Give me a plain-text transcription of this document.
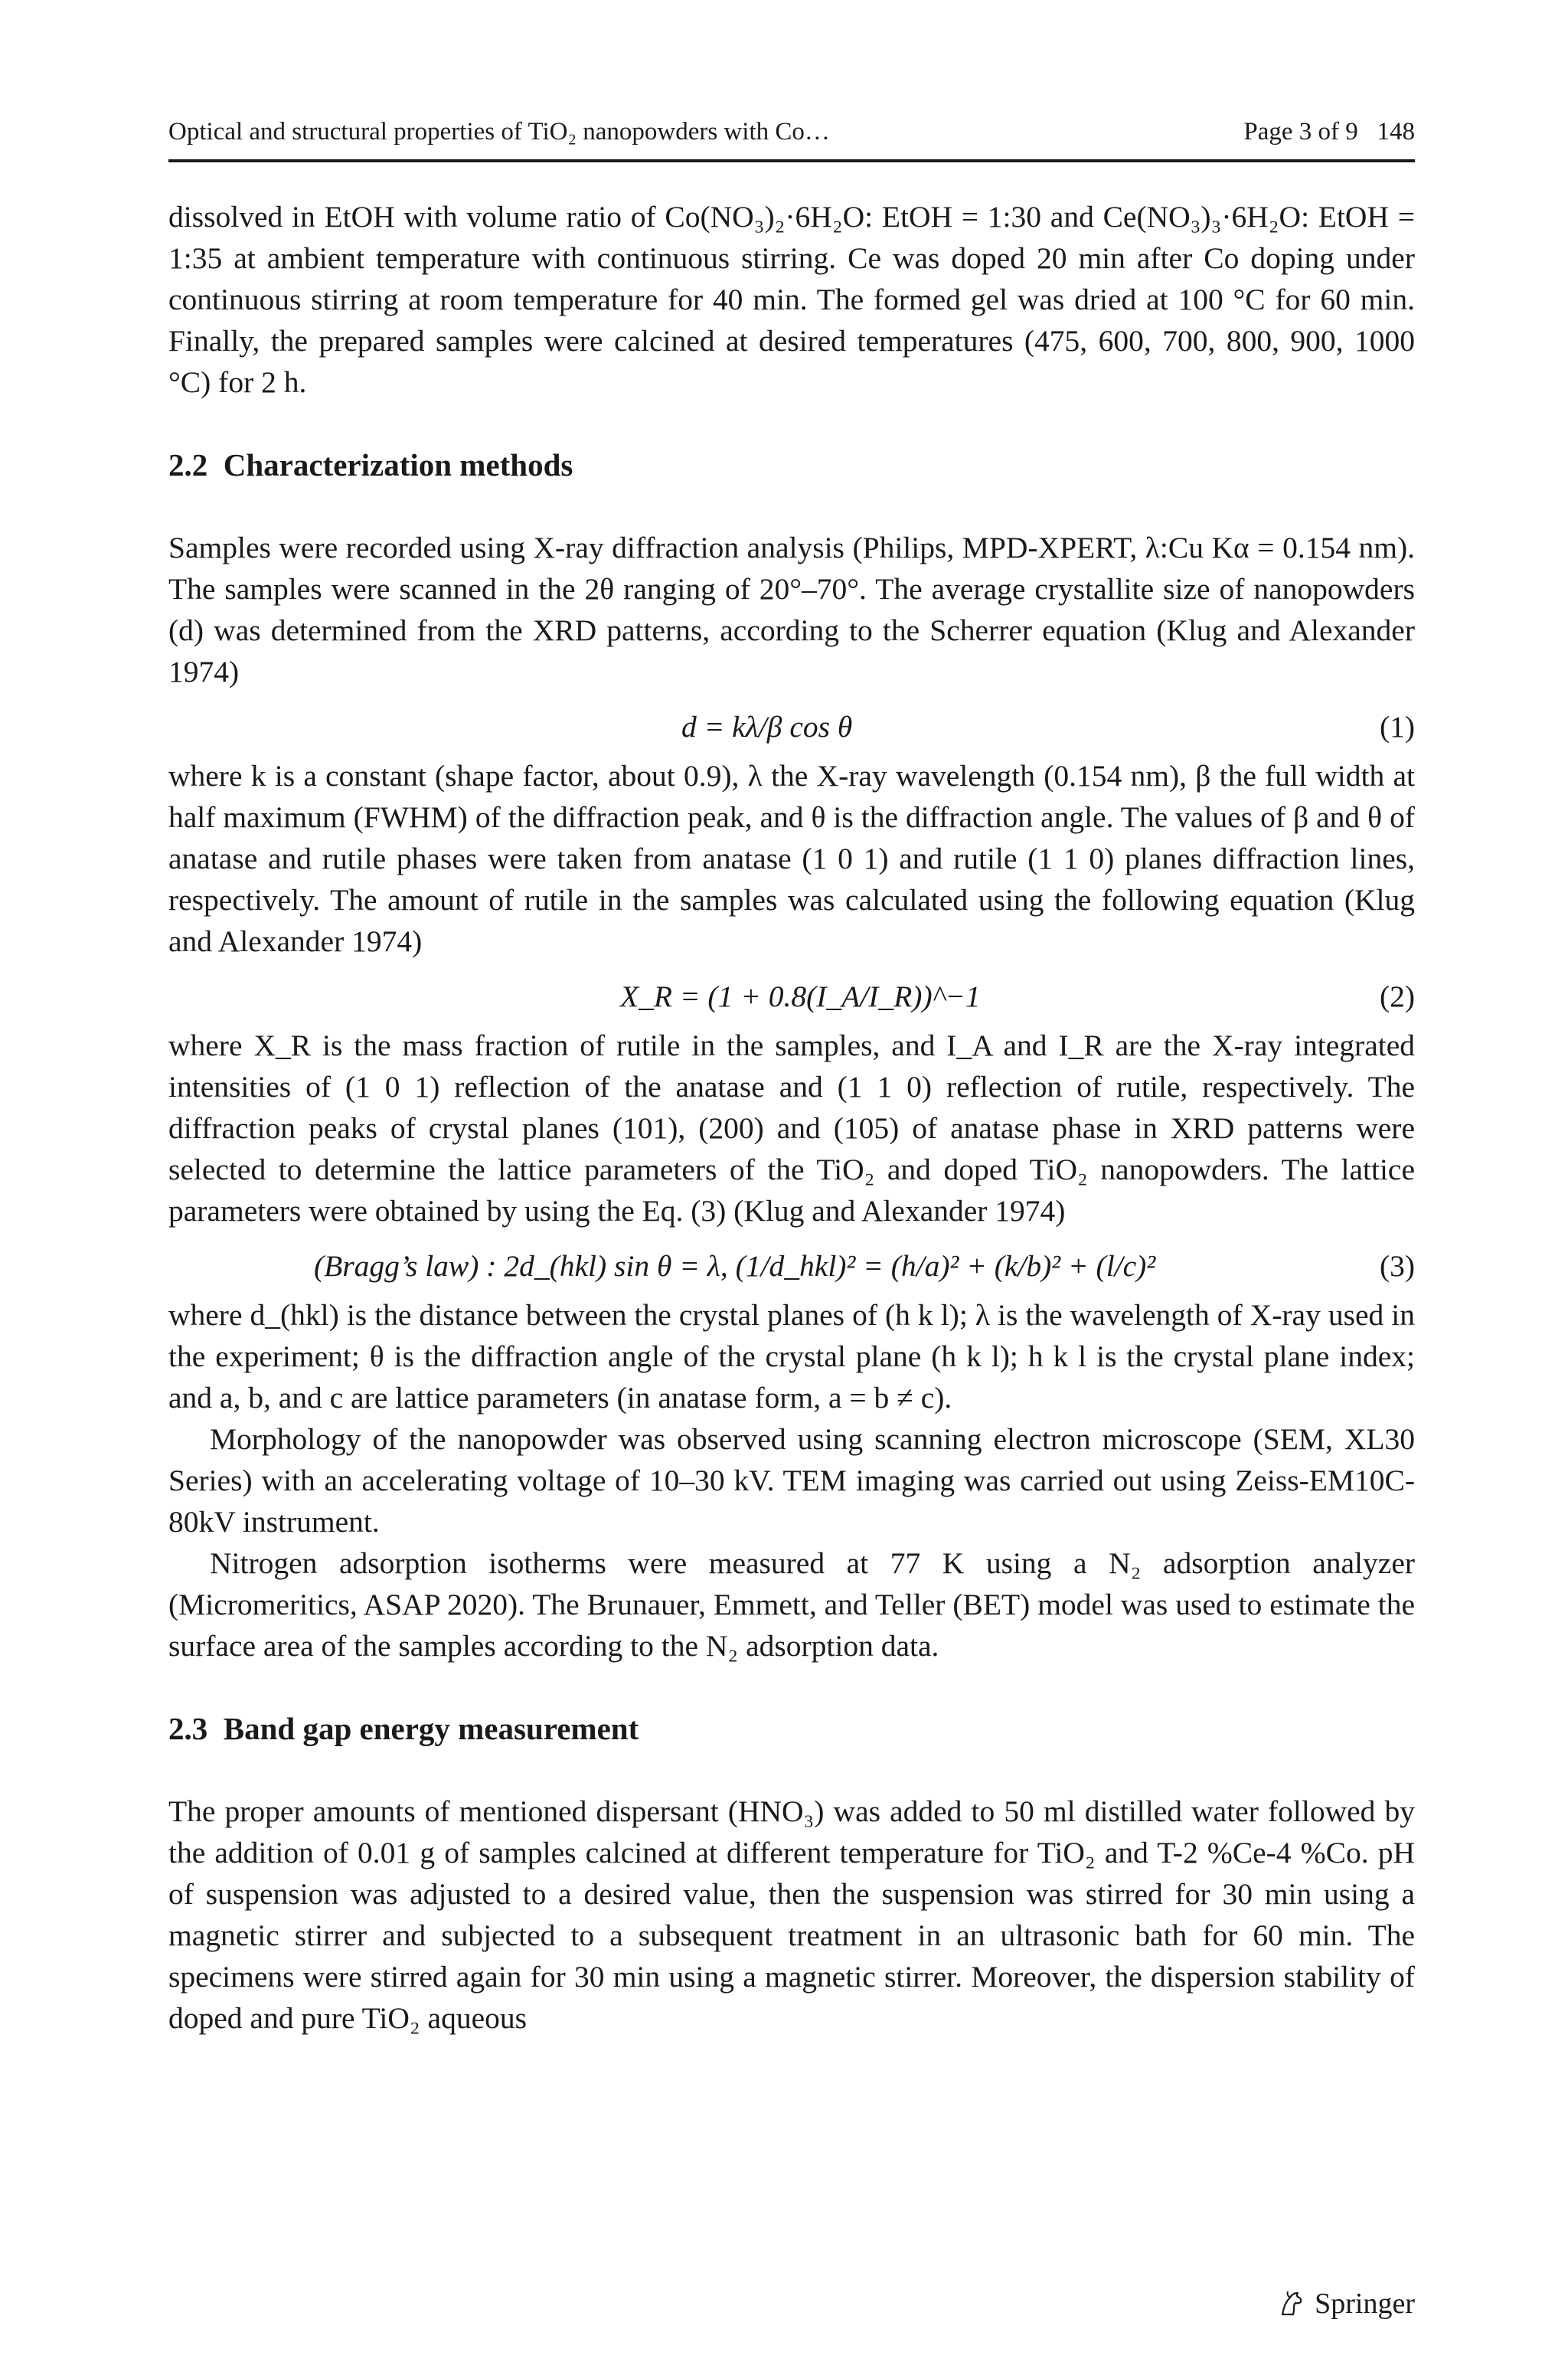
Optical and structural properties of TiO₂ nanopowders with Co…	Page 3 of 9   148

dissolved in EtOH with volume ratio of Co(NO₃)₂·6H₂O: EtOH = 1:30 and Ce(NO₃)₃·6H₂O: EtOH = 1:35 at ambient temperature with continuous stirring. Ce was doped 20 min after Co doping under continuous stirring at room temperature for 40 min. The formed gel was dried at 100 °C for 60 min. Finally, the prepared samples were calcined at desired temperatures (475, 600, 700, 800, 900, 1000 °C) for 2 h.

2.2  Characterization methods

Samples were recorded using X-ray diffraction analysis (Philips, MPD-XPERT, λ:Cu Kα = 0.154 nm). The samples were scanned in the 2θ ranging of 20°–70°. The average crystallite size of nanopowders (d) was determined from the XRD patterns, according to the Scherrer equation (Klug and Alexander 1974)

d = kλ/β cos θ	(1)

where k is a constant (shape factor, about 0.9), λ the X-ray wavelength (0.154 nm), β the full width at half maximum (FWHM) of the diffraction peak, and θ is the diffraction angle. The values of β and θ of anatase and rutile phases were taken from anatase (1 0 1) and rutile (1 1 0) planes diffraction lines, respectively. The amount of rutile in the samples was calculated using the following equation (Klug and Alexander 1974)

X_R = (1 + 0.8(I_A/I_R))^−1	(2)

where X_R is the mass fraction of rutile in the samples, and I_A and I_R are the X-ray integrated intensities of (1 0 1) reflection of the anatase and (1 1 0) reflection of rutile, respectively. The diffraction peaks of crystal planes (101), (200) and (105) of anatase phase in XRD patterns were selected to determine the lattice parameters of the TiO₂ and doped TiO₂ nanopowders. The lattice parameters were obtained by using the Eq. (3) (Klug and Alexander 1974)

(Bragg’s law) : 2d_(hkl) sin θ = λ, (1/d_hkl)² = (h/a)² + (k/b)² + (l/c)²	(3)

where d_(hkl) is the distance between the crystal planes of (h k l); λ is the wavelength of X-ray used in the experiment; θ is the diffraction angle of the crystal plane (h k l); h k l is the crystal plane index; and a, b, and c are lattice parameters (in anatase form, a = b ≠ c).

Morphology of the nanopowder was observed using scanning electron microscope (SEM, XL30 Series) with an accelerating voltage of 10–30 kV. TEM imaging was carried out using Zeiss-EM10C-80kV instrument.

Nitrogen adsorption isotherms were measured at 77 K using a N₂ adsorption analyzer (Micromeritics, ASAP 2020). The Brunauer, Emmett, and Teller (BET) model was used to estimate the surface area of the samples according to the N₂ adsorption data.

2.3  Band gap energy measurement

The proper amounts of mentioned dispersant (HNO₃) was added to 50 ml distilled water followed by the addition of 0.01 g of samples calcined at different temperature for TiO₂ and T-2 %Ce-4 %Co. pH of suspension was adjusted to a desired value, then the suspension was stirred for 30 min using a magnetic stirrer and subjected to a subsequent treatment in an ultrasonic bath for 60 min. The specimens were stirred again for 30 min using a magnetic stirrer. Moreover, the dispersion stability of doped and pure TiO₂ aqueous

Springer
